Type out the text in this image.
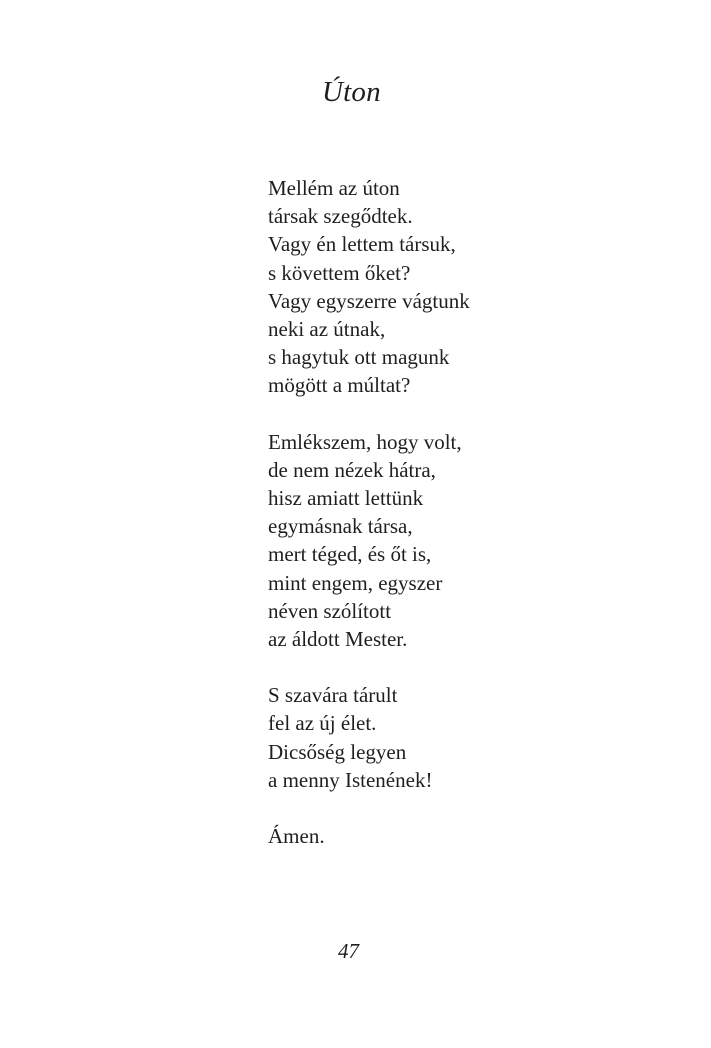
Úton

Mellém az úton
társak szegődtek.
Vagy én lettem társuk,
s követtem őket?
Vagy egyszerre vágtunk
neki az útnak,
s hagytuk ott magunk
mögött a múltat?

Emlékszem, hogy volt,
de nem nézek hátra,
hisz amiatt lettünk
egymásnak társa,
mert téged, és őt is,
mint engem, egyszer
néven szólított
az áldott Mester.

S szavára tárult
fel az új élet.
Dicsőség legyen
a menny Istenének!

Ámen.

47
